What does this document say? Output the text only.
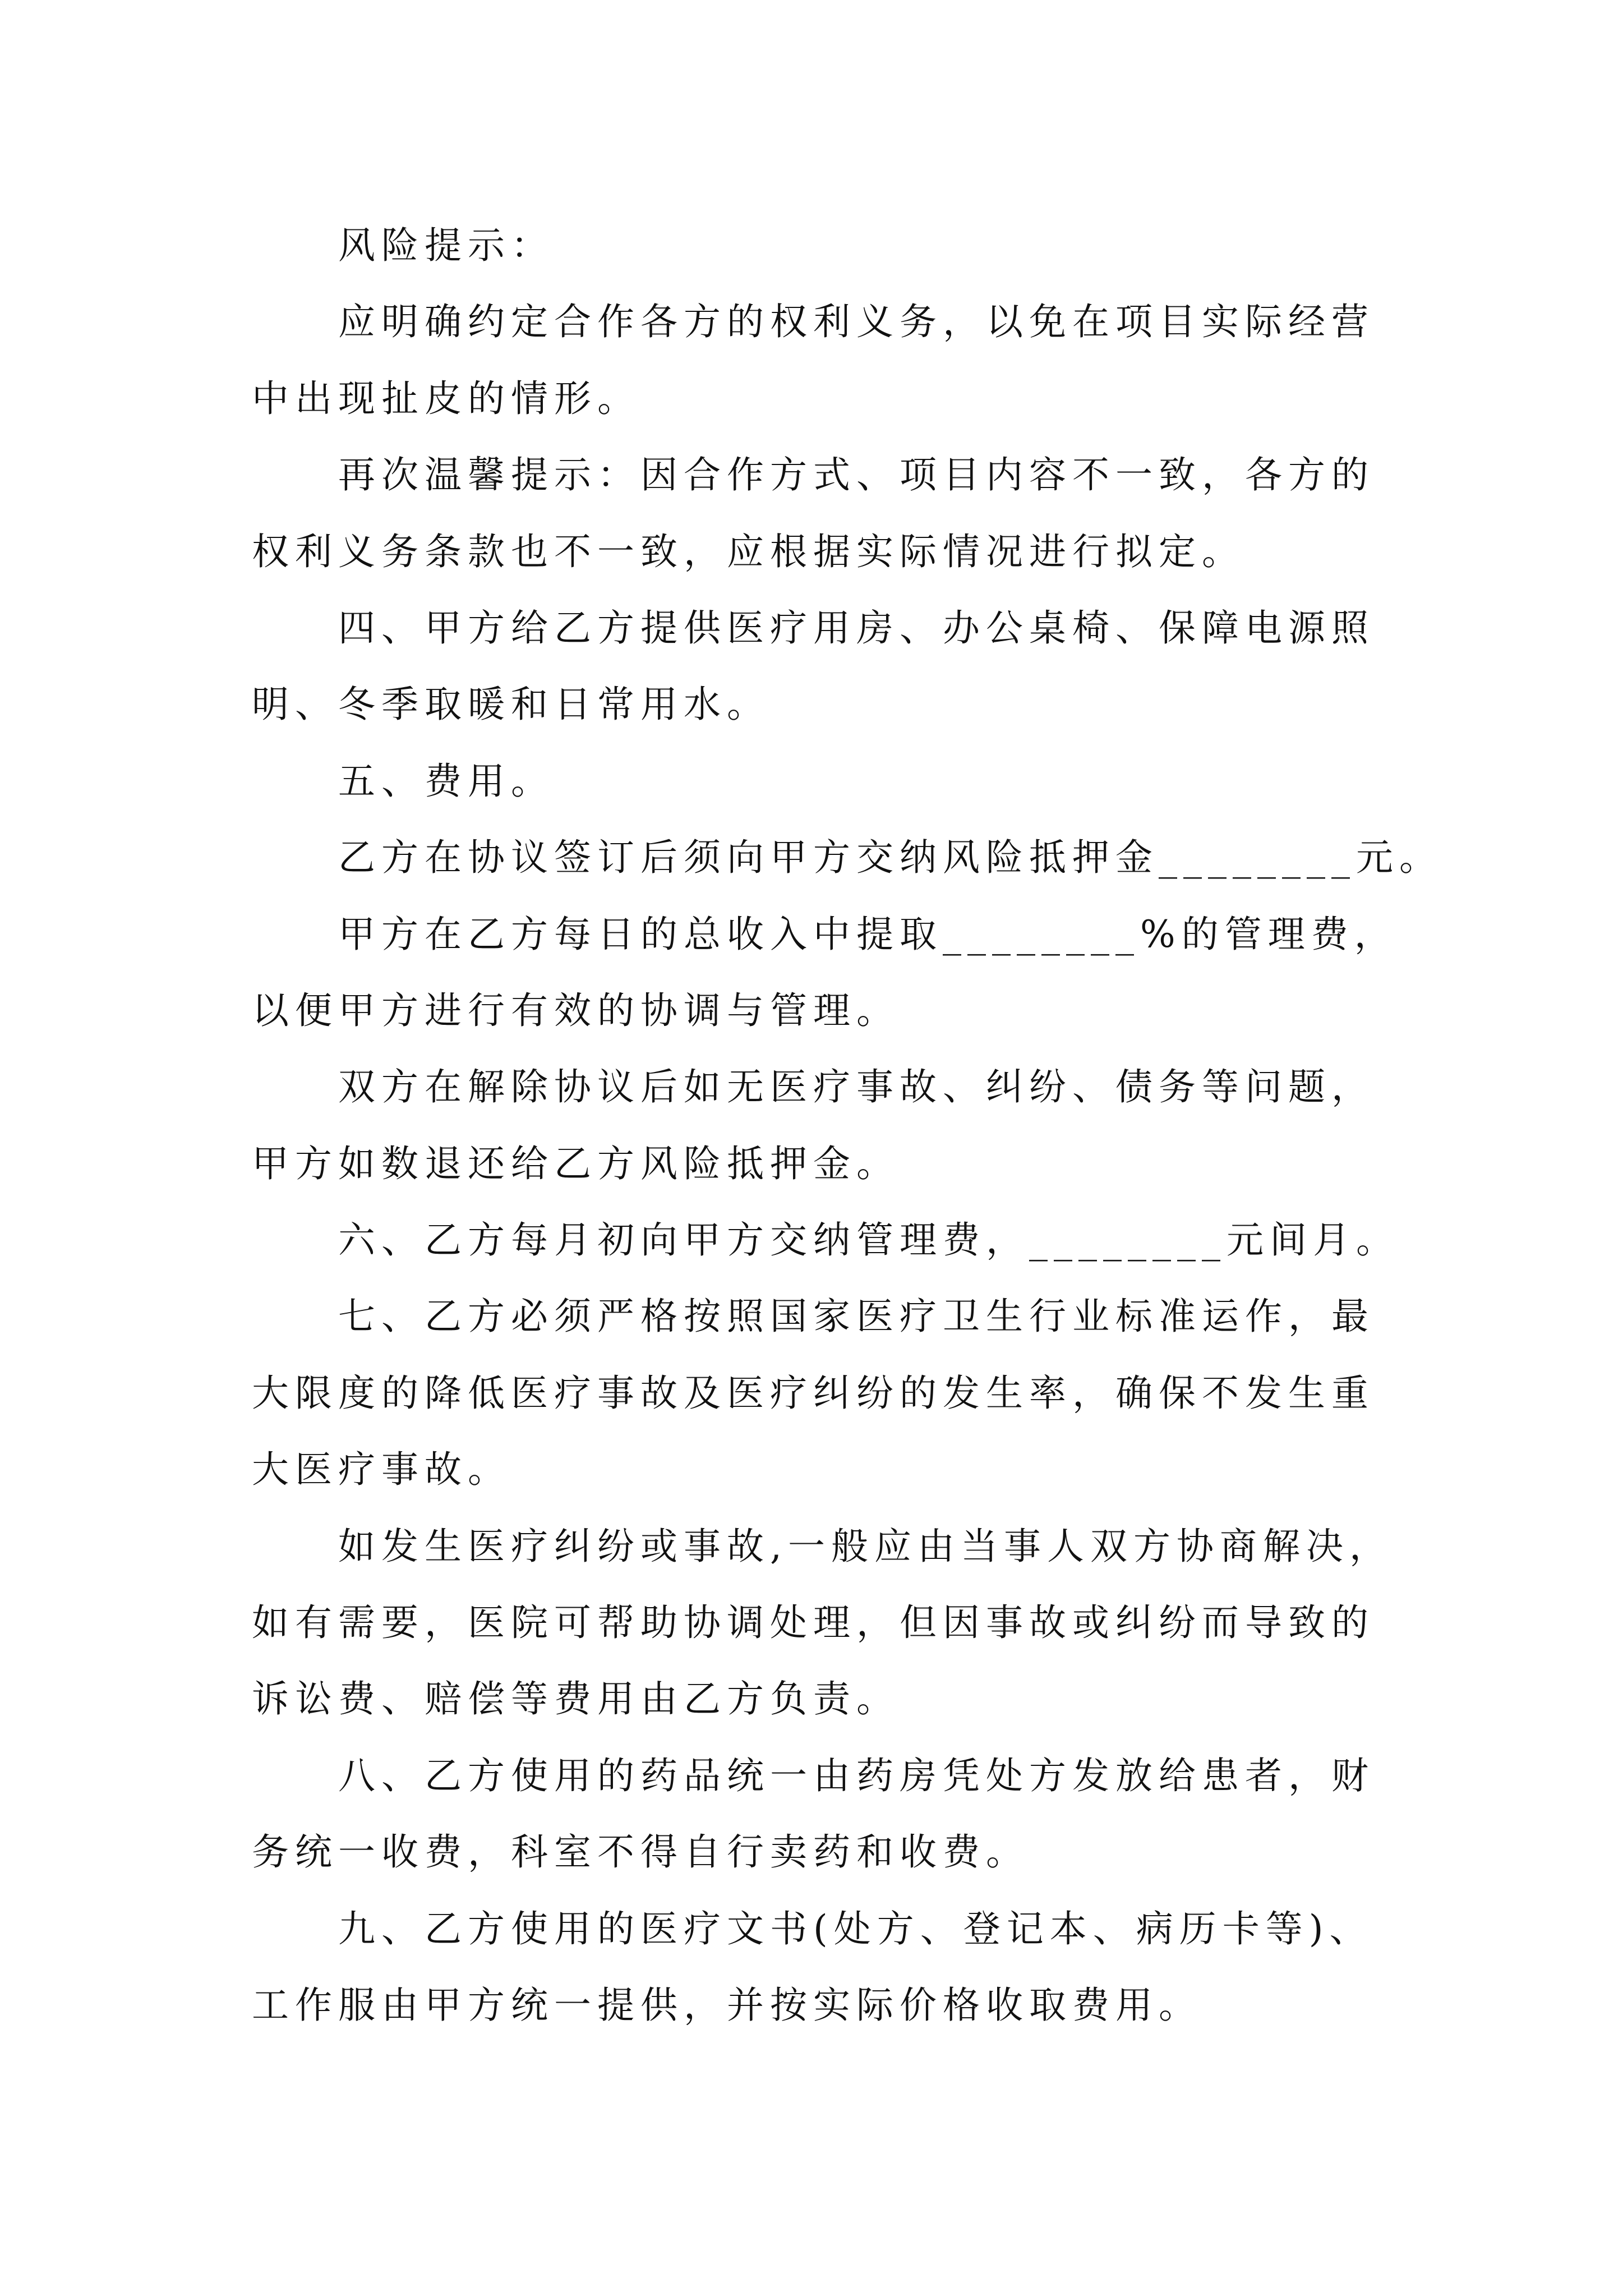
风险提示：
应明确约定合作各方的权利义务，以免在项目实际经营
中出现扯皮的情形。
再次温馨提示：因合作方式、项目内容不一致，各方的
权利义务条款也不一致，应根据实际情况进行拟定。
四、甲方给乙方提供医疗用房、办公桌椅、保障电源照
明、冬季取暖和日常用水。
五、费用。
乙方在协议签订后须向甲方交纳风险抵押金________元。
甲方在乙方每日的总收入中提取________%的管理费，
以便甲方进行有效的协调与管理。
双方在解除协议后如无医疗事故、纠纷、债务等问题，
甲方如数退还给乙方风险抵押金。
六、乙方每月初向甲方交纳管理费，________元间月。
七、乙方必须严格按照国家医疗卫生行业标准运作，最
大限度的降低医疗事故及医疗纠纷的发生率，确保不发生重
大医疗事故。
如发生医疗纠纷或事故,一般应由当事人双方协商解决，
如有需要，医院可帮助协调处理，但因事故或纠纷而导致的
诉讼费、赔偿等费用由乙方负责。
八、乙方使用的药品统一由药房凭处方发放给患者，财
务统一收费，科室不得自行卖药和收费。
九、乙方使用的医疗文书(处方、登记本、病历卡等)、
工作服由甲方统一提供，并按实际价格收取费用。
